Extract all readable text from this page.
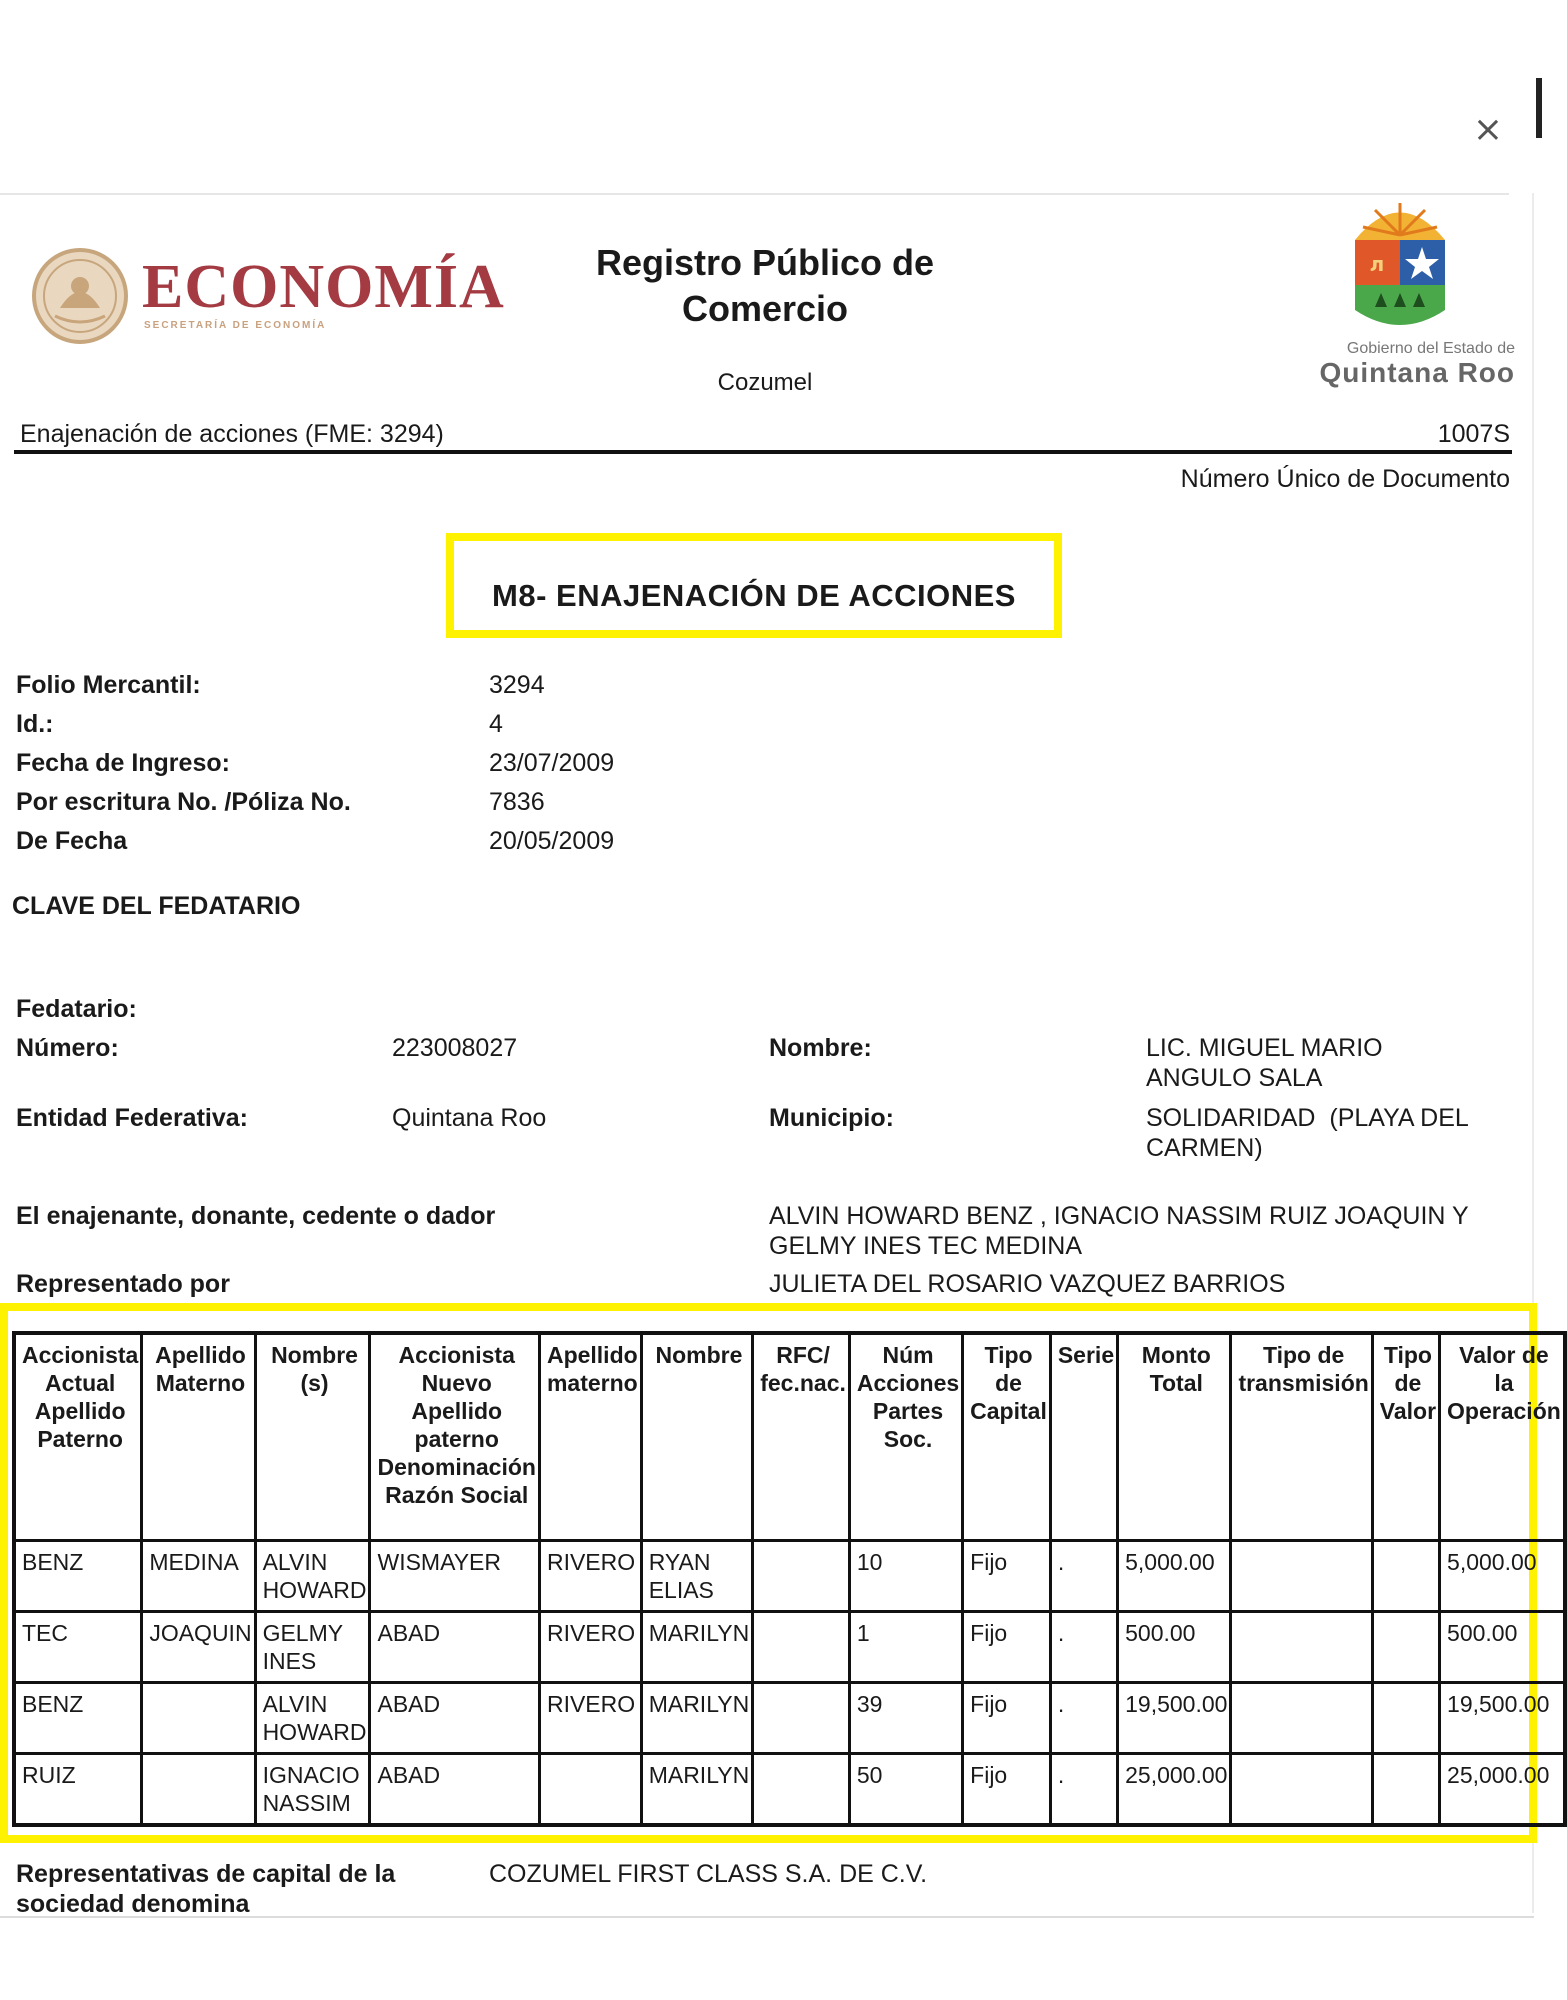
×
ECONOMÍA
SECRETARÍA DE ECONOMÍA
Registro Público de
Comercio
Cozumel
л
Gobierno del Estado de
Quintana Roo
Enajenación de acciones (FME: 3294)	1007S
Número Único de Documento
M8- ENAJENACIÓN DE ACCIONES
Folio Mercantil:	3294
Id.:	4
Fecha de Ingreso:	23/07/2009
Por escritura No. /Póliza No.	7836
De Fecha	20/05/2009
CLAVE DEL FEDATARIO
Fedatario:
Número:	223008027	Nombre:	LIC. MIGUEL MARIO
ANGULO SALA
Entidad Federativa:	Quintana Roo	Municipio:	SOLIDARIDAD  (PLAYA DEL
CARMEN)
El enajenante, donante, cedente o dador	ALVIN HOWARD BENZ , IGNACIO NASSIM RUIZ JOAQUIN Y
GELMY INES TEC MEDINA
Representado por	JULIETA DEL ROSARIO VAZQUEZ BARRIOS
Accionista Actual Apellido Paterno	Apellido Materno	Nombre (s)	Accionista Nuevo Apellido paterno Denominación Razón Social	Apellido materno	Nombre	RFC/ fec.nac.	Núm Acciones Partes Soc.	Tipo de Capital	Serie	Monto Total	Tipo de transmisión	Tipo de Valor	Valor de la Operación
BENZ	MEDINA	ALVIN HOWARD	WISMAYER	RIVERO	RYAN ELIAS		10	Fijo	.	5,000.00			5,000.00
TEC	JOAQUIN	GELMY INES	ABAD	RIVERO	MARILYN		1	Fijo	.	500.00			500.00
BENZ		ALVIN HOWARD	ABAD	RIVERO	MARILYN		39	Fijo	.	19,500.00			19,500.00
RUIZ		IGNACIO NASSIM	ABAD		MARILYN		50	Fijo	.	25,000.00			25,000.00
Representativas de capital de la
sociedad denomina
COZUMEL FIRST CLASS S.A. DE C.V.
